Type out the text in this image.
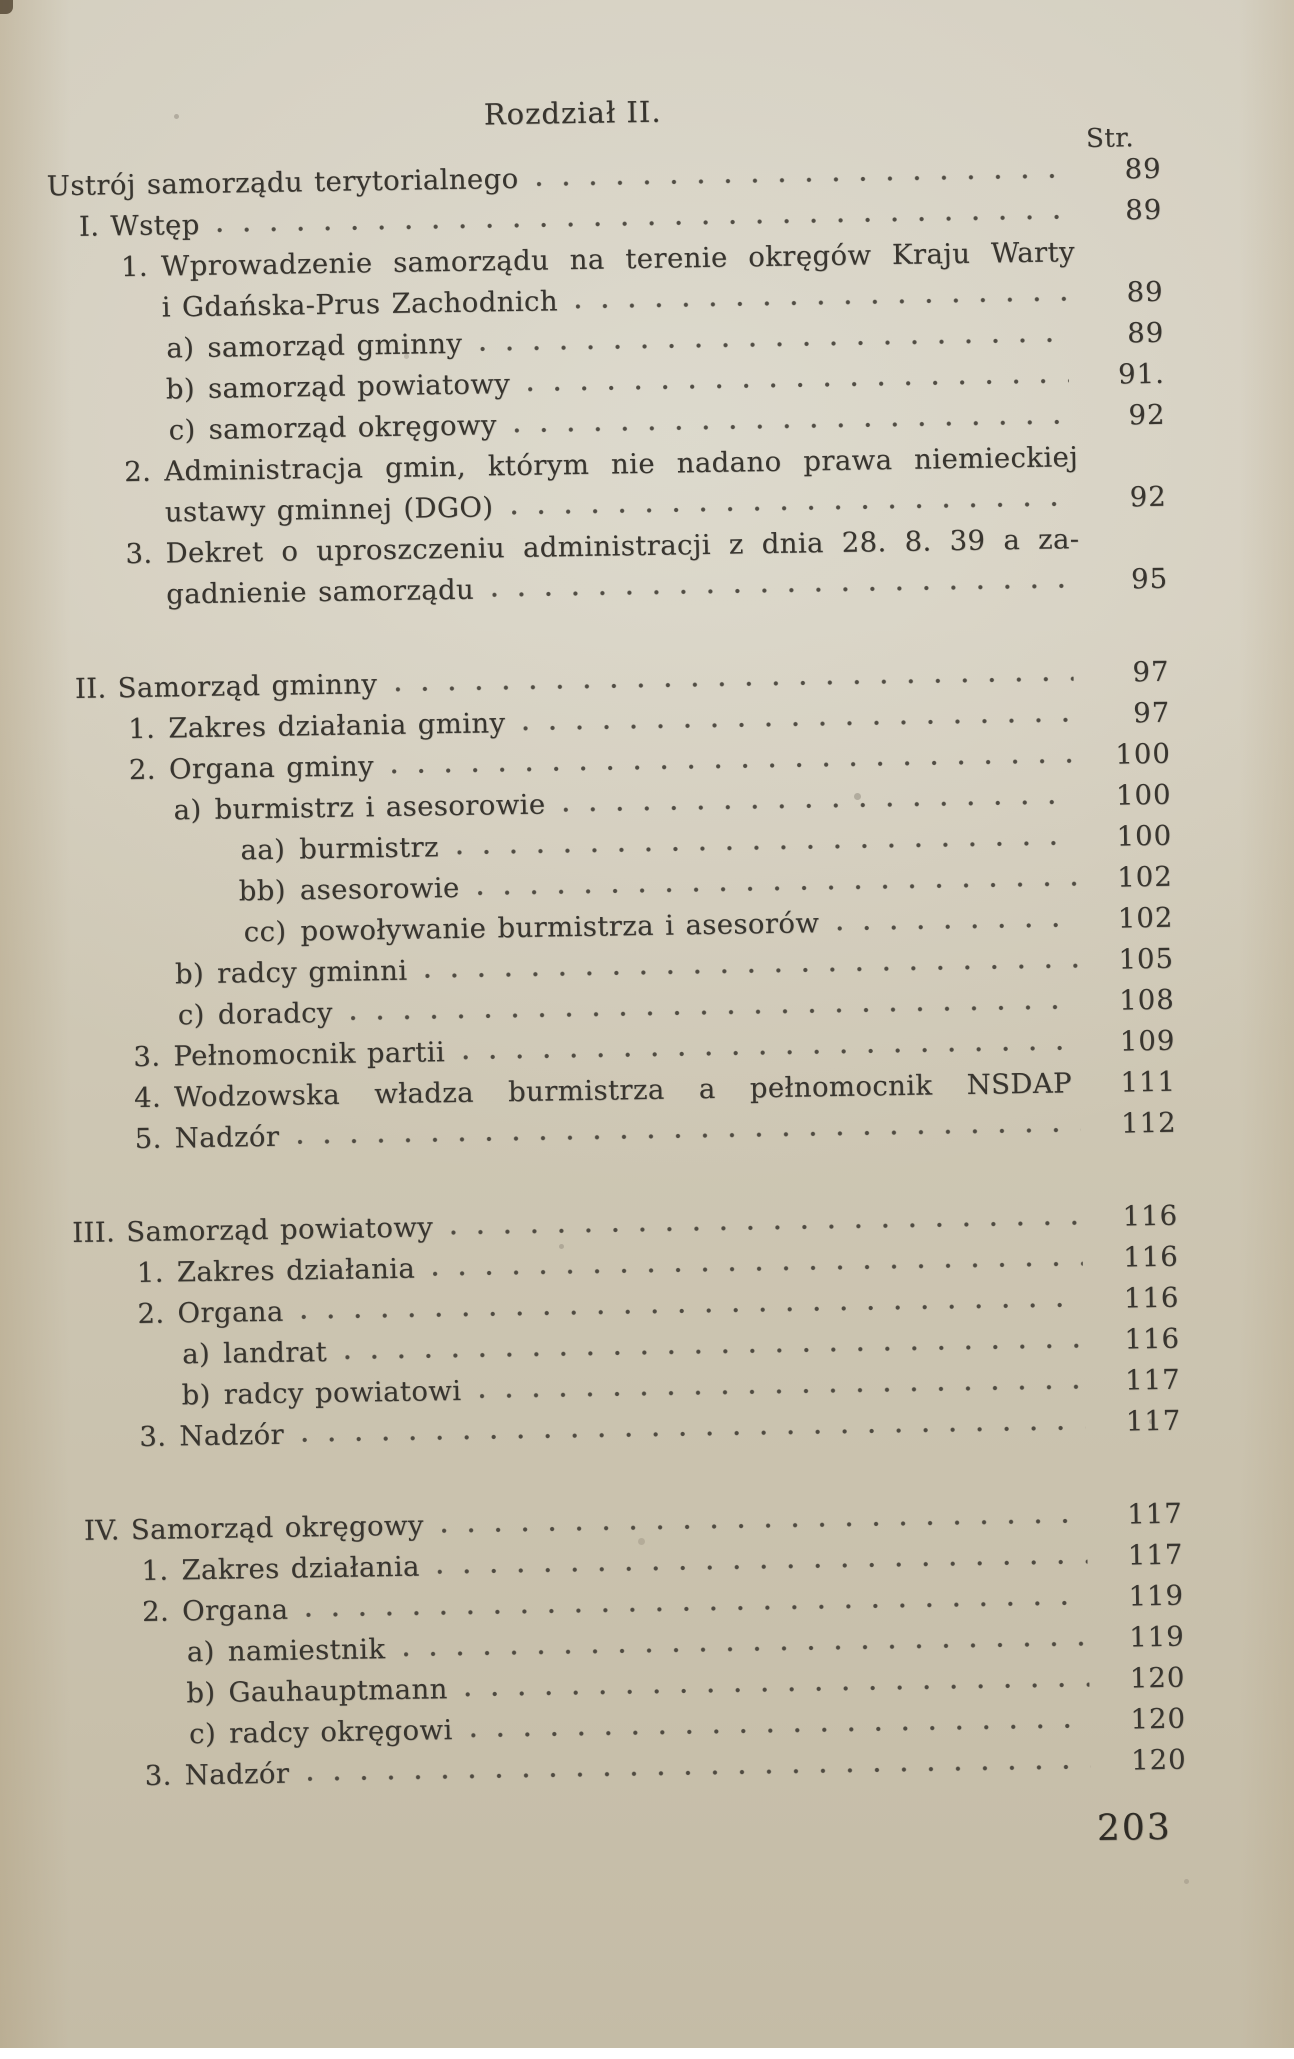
Rozdział II.
Str.
Ustrój samorządu terytorialnego	89
I. Wstęp	89
1. Wprowadzenie samorządu na terenie okręgów Kraju Warty
i Gdańska-Prus Zachodnich	89
a) samorząd gminny	89
b) samorząd powiatowy	91.
c) samorząd okręgowy	92
2. Administracja gmin, którym nie nadano prawa niemieckiej
ustawy gminnej (DGO)	92
3. Dekret o uproszczeniu administracji z dnia 28. 8. 39 a za-
gadnienie samorządu	95
II. Samorząd gminny	97
1. Zakres działania gminy	97
2. Organa gminy	100
a) burmistrz i asesorowie	100
aa) burmistrz	100
bb) asesorowie	102
cc) powoływanie burmistrza i asesorów	102
b) radcy gminni	105
c) doradcy	108
3. Pełnomocnik partii	109
4. Wodzowska władza burmistrza a pełnomocnik NSDAP	111
5. Nadzór	112
III. Samorząd powiatowy	116
1. Zakres działania	116
2. Organa	116
a) landrat	116
b) radcy powiatowi	117
3. Nadzór	117
IV. Samorząd okręgowy	117
1. Zakres działania	117
2. Organa	119
a) namiestnik	119
b) Gauhauptmann	120
c) radcy okręgowi	120
3. Nadzór	120
203
